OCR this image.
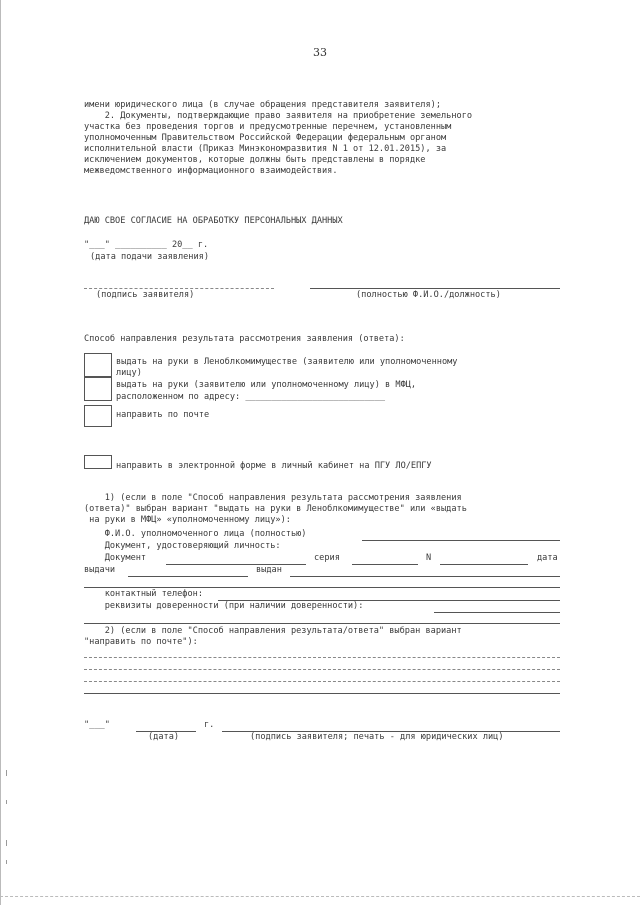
33
имени юридического лица (в случае обращения представителя заявителя);
2. Документы, подтверждающие право заявителя на приобретение земельного
участка без проведения торгов и предусмотренные перечнем, установленным
уполномоченным Правительством Российской Федерации федеральным органом
исполнительной власти (Приказ Минэкономразвития N 1 от 12.01.2015), за
исключением документов, которые должны быть представлены в порядке
межведомственного информационного взаимодействия.
ДАЮ СВОЕ СОГЛАСИЕ НА ОБРАБОТКУ ПЕРСОНАЛЬНЫХ ДАННЫХ
"___" __________ 20__ г.
(дата подачи заявления)
(подпись заявителя)	(полностью Ф.И.О./должность)
Способ направления результата рассмотрения заявления (ответа):
выдать на руки в Леноблкомимуществе (заявителю или уполномоченному
лицу)
выдать на руки (заявителю или уполномоченному лицу) в МФЦ,
расположенном по адресу: ___________________________
направить по почте
направить в электронной форме в личный кабинет на ПГУ ЛО/ЕПГУ
1) (если в поле "Способ направления результата рассмотрения заявления
(ответа)" выбран вариант "выдать на руки в Леноблкомимуществе" или «выдать
на руки в МФЦ» «уполномоченному лицу»):
Ф.И.О. уполномоченного лица (полностью)
Документ, удостоверяющий личность:
Документ	серия	N	дата
выдачи	выдан
контактный телефон:
реквизиты доверенности (при наличии доверенности):
2) (если в поле "Способ направления результата/ответа" выбран вариант
"направить по почте"):
"___"	г.
(дата)	(подпись заявителя; печать - для юридических лиц)
